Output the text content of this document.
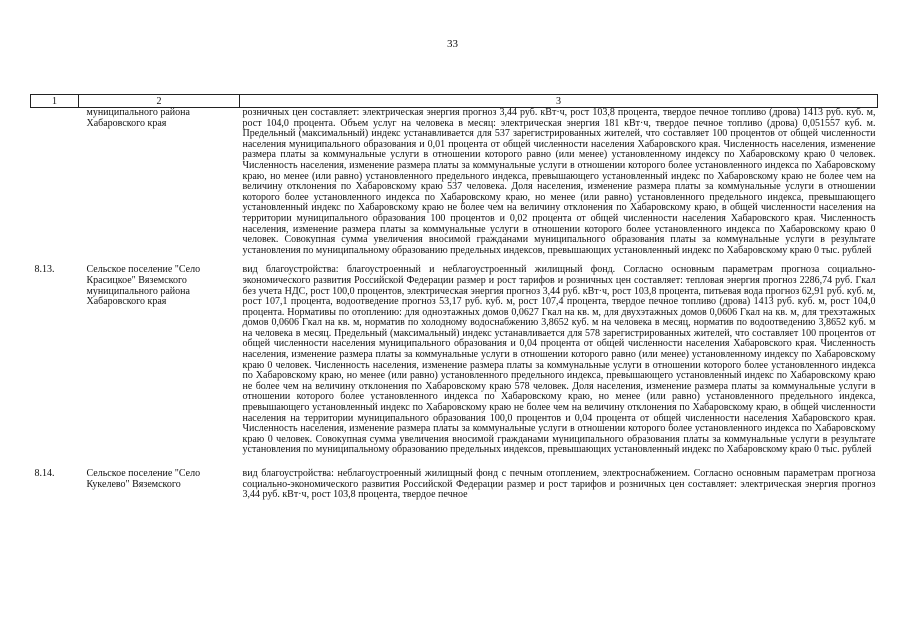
33
1	2	3
	муниципального района Хабаровского края	розничных цен составляет: электрическая энергия прогноз 3,44 руб. кВт·ч, рост 103,8 процента, твердое печное топливо (дрова) 1413 руб. куб. м, рост 104,0 процента. Объем услуг на человека в месяц: электрическая энергия 181 кВт·ч, твердое печное топливо (дрова) 0,051557 куб. м. Предельный (максимальный) индекс устанавливается для 537 зарегистрированных жителей, что составляет 100 процентов от общей численности населения муниципального образования и 0,01 процента от общей численности населения Хабаровского края. Численность населения, изменение размера платы за коммунальные услуги в отношении которого равно (или менее) установленному индексу по Хабаровскому краю 0 человек. Численность населения, изменение размера платы за коммунальные услуги в отношении которого более установленного индекса по Хабаровскому краю, но менее (или равно) установленного предельного индекса, превышающего установленный индекс по Хабаровскому краю не более чем на величину отклонения по Хабаровскому краю 537 человека. Доля населения, изменение размера платы за коммунальные услуги в отношении которого более установленного индекса по Хабаровскому краю, но менее (или равно) установленного предельного индекса, превышающего установленный индекс по Хабаровскому краю не более чем на величину отклонения по Хабаровскому краю, в общей численности населения на территории муниципального образования 100 процентов и 0,02 процента от общей численности населения Хабаровского края. Численность населения, изменение размера платы за коммунальные услуги в отношении которого более установленного индекса по Хабаровскому краю 0 человек. Совокупная сумма увеличения вносимой гражданами муниципального образования платы за коммунальные услуги в результате установления по муниципальному образованию предельных индексов, превышающих установленный индекс по Хабаровскому краю 0 тыс. рублей

8.13.	Сельское поселение "Село Красицкое" Вяземского муниципального района Хабаровского края	вид благоустройства: благоустроенный и неблагоустроенный жилищный фонд. Согласно основным параметрам прогноза социально-экономического развития Российской Федерации размер и рост тарифов и розничных цен составляет: тепловая энергия прогноз 2286,74 руб. Гкал без учета НДС, рост 100,0 процентов, электрическая энергия прогноз 3,44 руб. кВт·ч, рост 103,8 процента, питьевая вода прогноз 62,91 руб. куб. м, рост 107,1 процента, водоотведение прогноз 53,17 руб. куб. м, рост 107,4 процента, твердое печное топливо (дрова) 1413 руб. куб. м, рост 104,0 процента. Нормативы по отоплению: для одноэтажных домов 0,0627 Гкал на кв. м, для двухэтажных домов 0,0606 Гкал на кв. м, для трехэтажных домов 0,0606 Гкал на кв. м, норматив по холодному водоснабжению 3,8652 куб. м на человека в месяц, норматив по водоотведению 3,8652 куб. м на человека в месяц. Предельный (максимальный) индекс устанавливается для 578 зарегистрированных жителей, что составляет 100 процентов от общей численности населения муниципального образования и 0,04 процента от общей численности населения Хабаровского края. Численность населения, изменение размера платы за коммунальные услуги в отношении которого равно (или менее) установленному индексу по Хабаровскому краю 0 человек. Численность населения, изменение размера платы за коммунальные услуги в отношении которого более установленного индекса по Хабаровскому краю, но менее (или равно) установленного предельного индекса, превышающего установленный индекс по Хабаровскому краю не более чем на величину отклонения по Хабаровскому краю 578 человек. Доля населения, изменение размера платы за коммунальные услуги в отношении которого более установленного индекса по Хабаровскому краю, но менее (или равно) установленного предельного индекса, превышающего установленный индекс по Хабаровскому краю не более чем на величину отклонения по Хабаровскому краю, в общей численности населения на территории муниципального образования 100,0 процентов и 0,04 процента от общей численности населения Хабаровского края. Численность населения, изменение размера платы за коммунальные услуги в отношении которого более установленного индекса по Хабаровскому краю 0 человек. Совокупная сумма увеличения вносимой гражданами муниципального образования платы за коммунальные услуги в результате установления по муниципальному образованию предельных индексов, превышающих установленный индекс по Хабаровскому краю 0 тыс. рублей

8.14.	Сельское поселение "Село Кукелево" Вяземского	вид благоустройства: неблагоустроенный жилищный фонд с печным отоплением, электроснабжением. Согласно основным параметрам прогноза социально-экономического развития Российской Федерации размер и рост тарифов и розничных цен составляет: электрическая энергия прогноз 3,44 руб. кВт·ч, рост 103,8 процента, твердое печное
